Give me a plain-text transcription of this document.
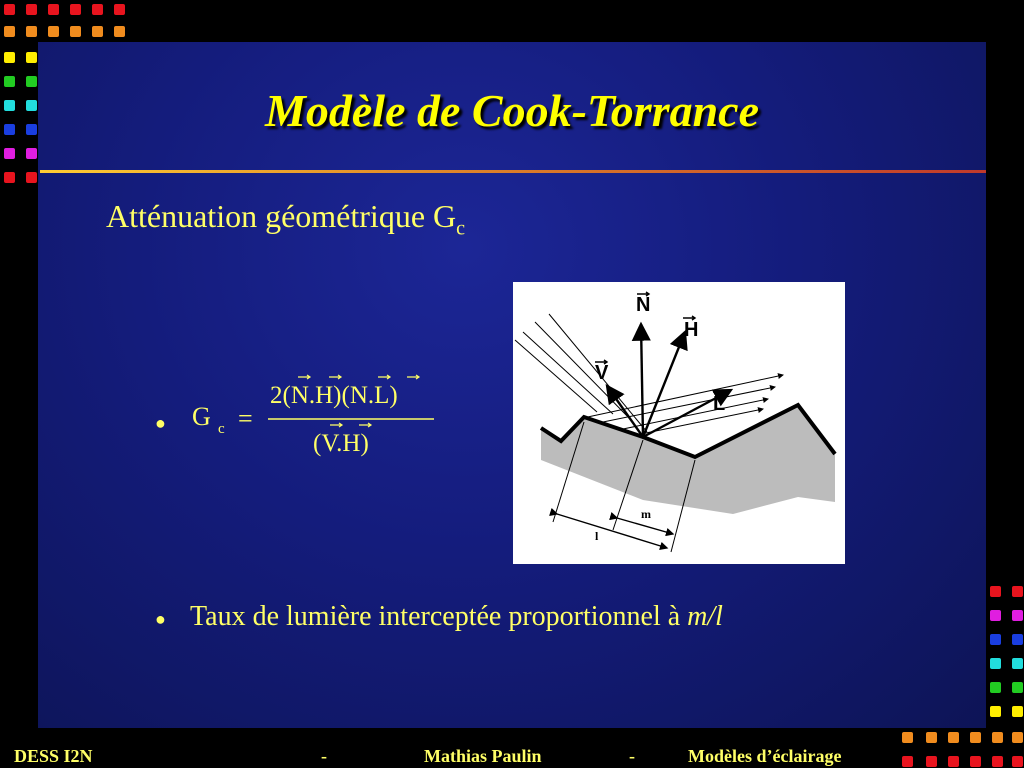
Modèle de Cook-Torrance
Atténuation géométrique $G_c$
● G c =
2(N.H)(N.L)
(V.H)
N
H
V
L
m
l
● Taux de lumière interceptée proportionnel à m/l
DESS I2N	-	Mathias Paulin	-	Modèles d’éclairage
